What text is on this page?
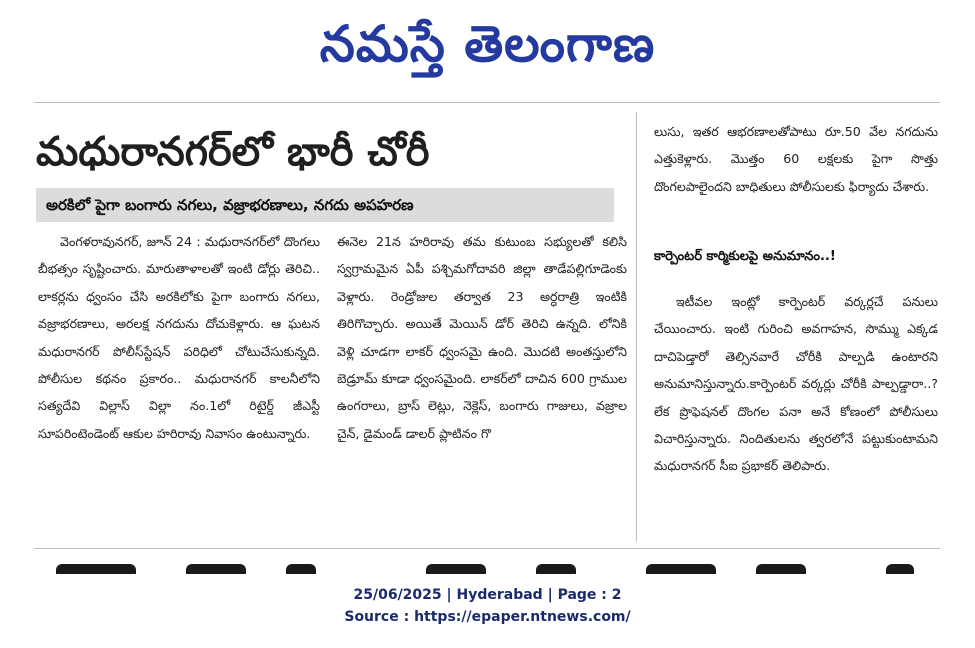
నమస్తే తెలంగాణ
మధురానగర్‌లో భారీ చోరీ
అరకిలో పైగా బంగారు నగలు, వజ్రాభరణాలు, నగదు అపహరణ

వెంగళరావునగర్, జూన్ 24 : మధురానగర్‌లో దొంగలు బీభత్సం సృష్టించారు. మారుతాళాలతో ఇంటి డోర్లు తెరిచి.. లాకర్లను ధ్వంసం చేసి అరకిలోకు పైగా బంగారు నగలు, వజ్రాభరణాలు, అరలక్ష నగదును దోచుకెళ్లారు. ఆ ఘటన మధురానగర్ పోలీస్‌స్టేషన్ పరిధిలో చోటుచేసుకున్నది. పోలీసుల కథనం ప్రకారం.. మధురానగర్ కాలనీలోని సత్యదేవి విల్లాస్ విల్లా నం.1లో రిటైర్డ్ జీఎస్టీ సూపరింటెండెంట్ ఆకుల హరిరావు నివాసం ఉంటున్నారు.

ఈనెల 21న హరిరావు తమ కుటుంబ సభ్యులతో కలిసి స్వగ్రామమైన ఏపీ పశ్చిమగోదావరి జిల్లా తాడేపల్లిగూడెంకు వెళ్లారు. రెండ్రోజుల తర్వాత 23 అర్ధరాత్రి ఇంటికి తిరిగొచ్చారు. అయితే మెయిన్ డోర్ తెరిచి ఉన్నది. లోనికి వెళ్లి చూడగా లాకర్ ధ్వంసమై ఉంది. మొదటి అంతస్తులోని బెడ్రూమ్ కూడా ధ్వంసమైంది. లాకర్‌లో దాచిన 600 గ్రాముల ఉంగరాలు, బ్రాస్ లెట్లు, నెక్లెస్, బంగారు గాజులు, వజ్రాల చైన్, డైమండ్ డాలర్ ప్లాటినం గొ

లుసు, ఇతర ఆభరణాలతోపాటు రూ.50 వేల నగదును ఎత్తుకెళ్లారు. మొత్తం 60 లక్షలకు పైగా సొత్తు దొంగలపాలైందని బాధితులు పోలీసులకు ఫిర్యాదు చేశారు.

కార్పెంటర్ కార్మికులపై అనుమానం..!

ఇటీవల ఇంట్లో కార్పెంటర్ వర్కర్లచే పనులు చేయించారు. ఇంటి గురించి అవగాహన, సొమ్ము ఎక్కడ దాచిపెడ్తారో తెల్సినవారే చోరీకి పాల్పడి ఉంటారని అనుమానిస్తున్నారు.కార్పెంటర్ వర్కర్లు చోరీకి పాల్పడ్డారా..? లేక ప్రొఫెషనల్ దొంగల పనా అనే కోణంలో పోలీసులు విచారిస్తున్నారు. నిందితులను త్వరలోనే పట్టుకుంటామని మధురానగర్ సీఐ ప్రభాకర్ తెలిపారు.

25/06/2025 | Hyderabad | Page : 2
Source : https://epaper.ntnews.com/
